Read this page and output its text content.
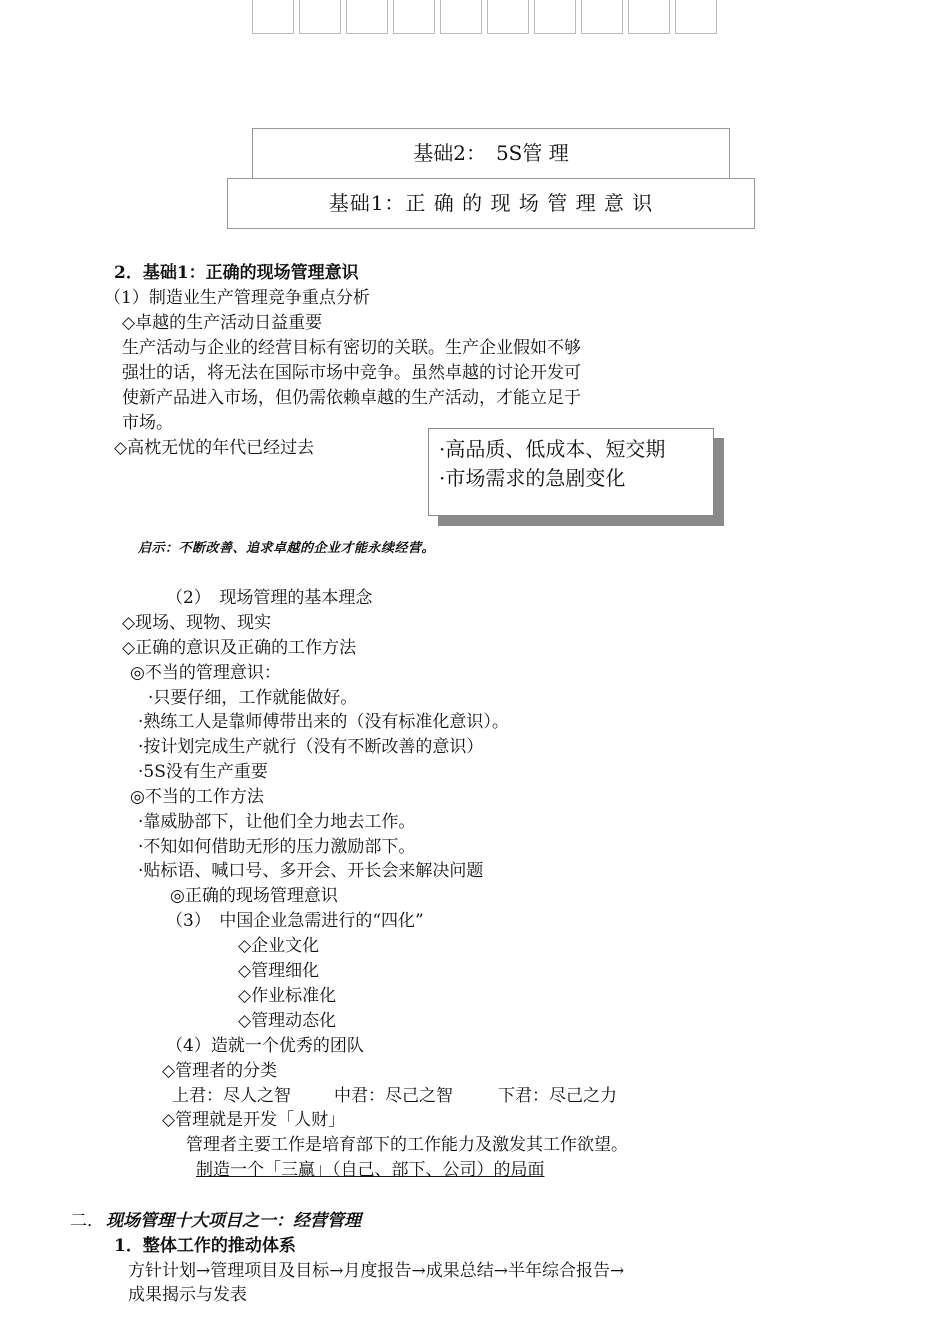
基础2：　5S管 理
基础1：正 确 的 现 场 管 理 意 识
2．基础1：正确的现场管理意识
（1）制造业生产管理竞争重点分析
◇卓越的生产活动日益重要
生产活动与企业的经营目标有密切的关联。生产企业假如不够
强壮的话，将无法在国际市场中竞争。虽然卓越的讨论开发可
使新产品进入市场，但仍需依赖卓越的生产活动，才能立足于
市场。
◇高枕无忧的年代已经过去	·高品质、低成本、短交期
·市场需求的急剧变化
启示：不断改善、追求卓越的企业才能永续经营。
（2）　现场管理的基本理念
◇现场、现物、现实
◇正确的意识及正确的工作方法
◎不当的管理意识：
·只要仔细，工作就能做好。
·熟练工人是靠师傅带出来的（没有标准化意识）。
·按计划完成生产就行（没有不断改善的意识）
·5S没有生产重要
◎不当的工作方法
·靠威胁部下，让他们全力地去工作。
·不知如何借助无形的压力激励部下。
·贴标语、喊口号、多开会、开长会来解决问题
◎正确的现场管理意识
（3）　中国企业急需进行的“四化”
◇企业文化
◇管理细化
◇作业标准化
◇管理动态化
（4）造就一个优秀的团队
◇管理者的分类
上君：尽人之智	中君：尽己之智	下君：尽己之力
◇管理就是开发「人财」
管理者主要工作是培育部下的工作能力及激发其工作欲望。
制造一个「三赢」（自己、部下、公司）的局面
二． 现场管理十大项目之一：经营管理
1．整体工作的推动体系
方针计划→管理项目及目标→月度报告→成果总结→半年综合报告→
成果揭示与发表
